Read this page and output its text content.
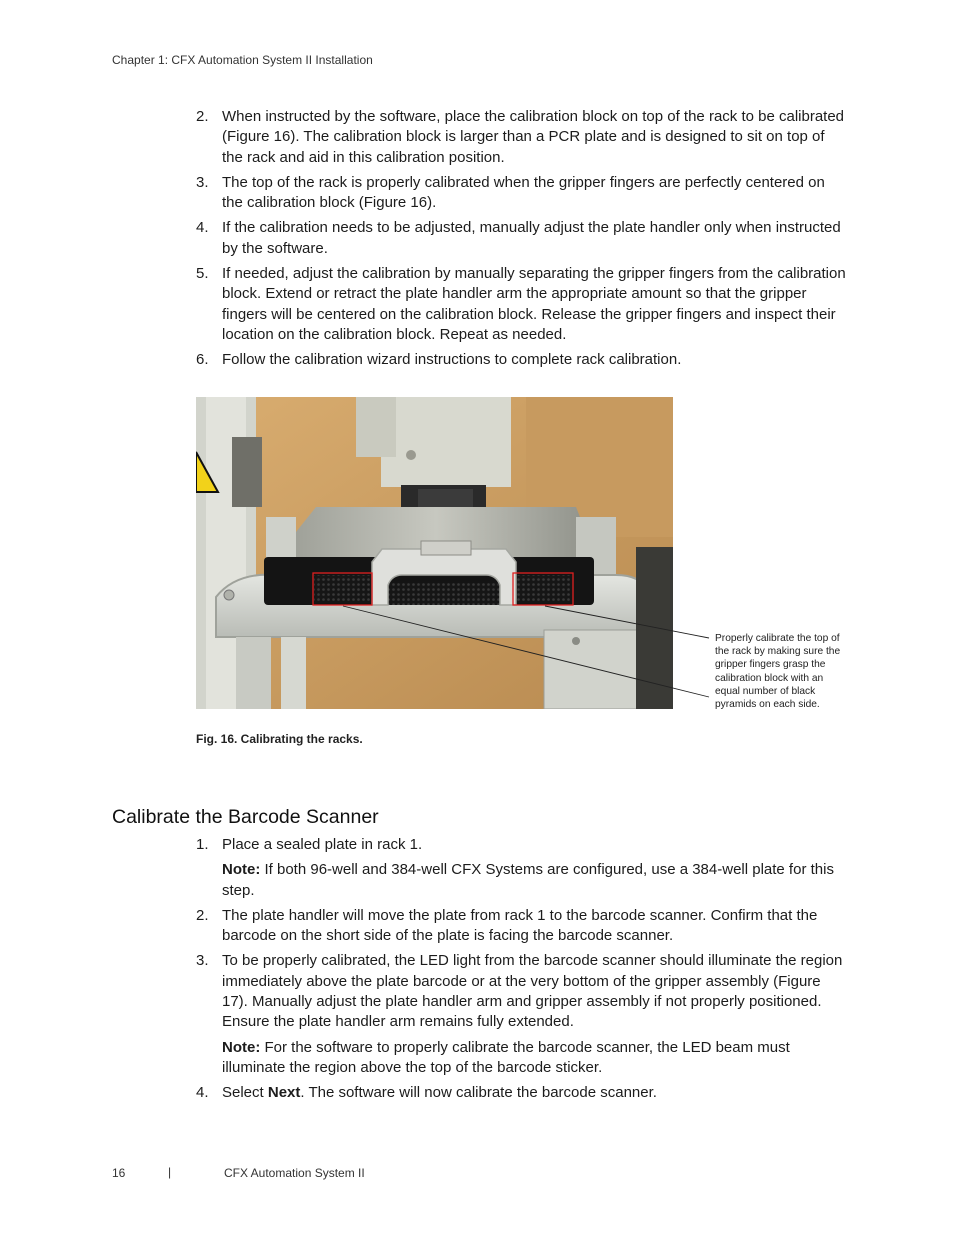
Chapter 1: CFX Automation System II Installation
2. When instructed by the software, place the calibration block on top of the rack to be calibrated (Figure 16). The calibration block is larger than a PCR plate and is designed to sit on top of the rack and aid in this calibration position.
3. The top of the rack is properly calibrated when the gripper fingers are perfectly centered on the calibration block (Figure 16).
4. If the calibration needs to be adjusted, manually adjust the plate handler only when instructed by the software.
5. If needed, adjust the calibration by manually separating the gripper fingers from the calibration block. Extend or retract the plate handler arm the appropriate amount so that the gripper fingers will be centered on the calibration block. Release the gripper fingers and inspect their location on the calibration block. Repeat as needed.
6. Follow the calibration wizard instructions to complete rack calibration.
Properly calibrate the top of the rack by making sure the gripper fingers grasp the calibration block with an equal number of black pyramids on each side.
Fig. 16. Calibrating the racks.
Calibrate the Barcode Scanner
1. Place a sealed plate in rack 1.
Note: If both 96-well and 384-well CFX Systems are configured, use a 384-well plate for this step.
2. The plate handler will move the plate from rack 1 to the barcode scanner. Confirm that the barcode on the short side of the plate is facing the barcode scanner.
3. To be properly calibrated, the LED light from the barcode scanner should illuminate the region immediately above the plate barcode or at the very bottom of the gripper assembly (Figure 17). Manually adjust the plate handler arm and gripper assembly if not properly positioned. Ensure the plate handler arm remains fully extended.
Note: For the software to properly calibrate the barcode scanner, the LED beam must illuminate the region above the top of the barcode sticker.
4. Select Next. The software will now calibrate the barcode scanner.
16	|	CFX Automation System II
